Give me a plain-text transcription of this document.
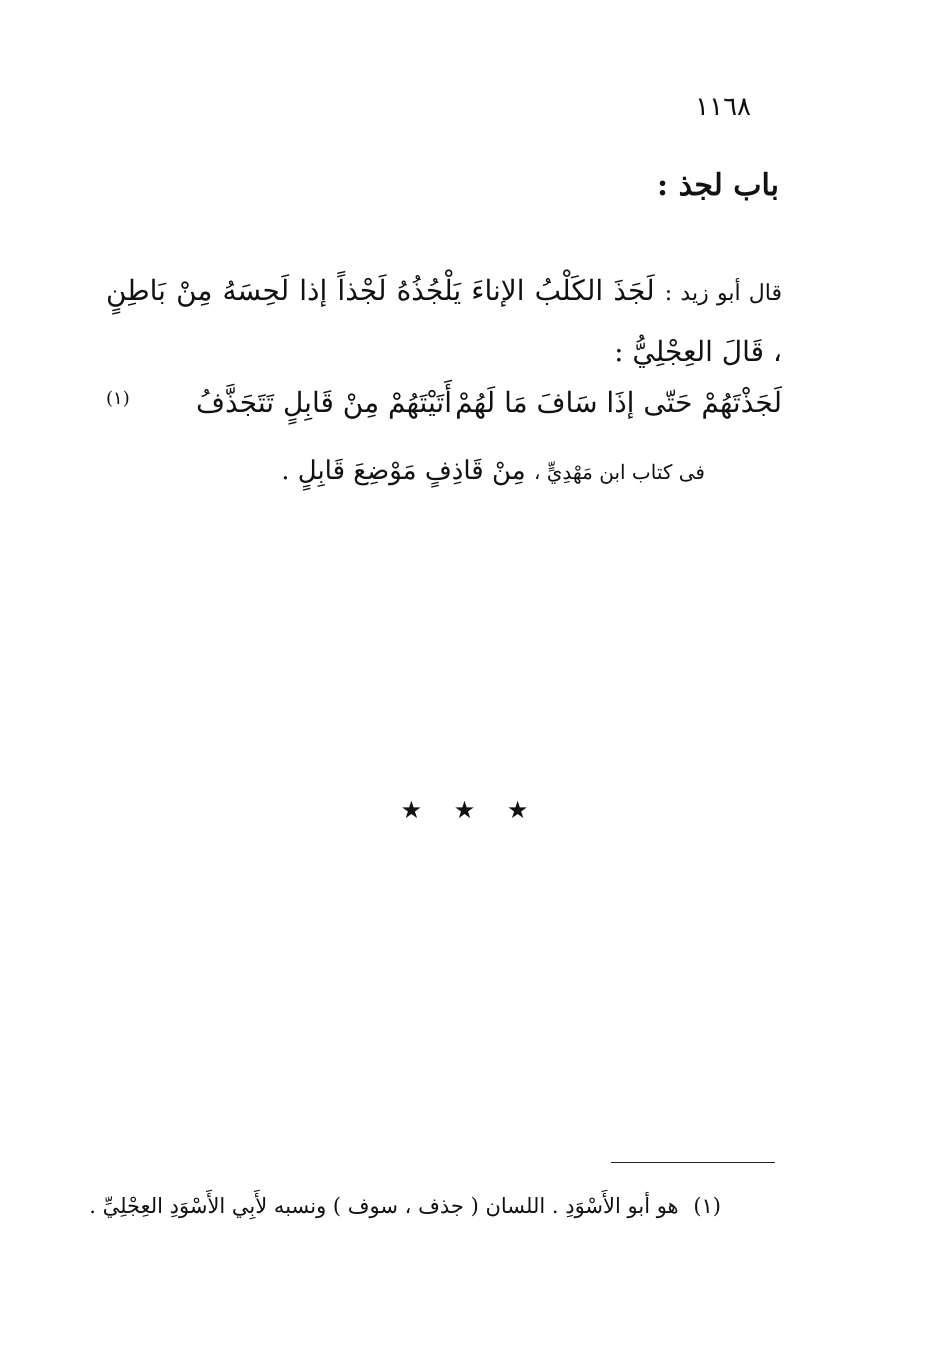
١١٦٨
باب لجذ :
قال أبو زيد : لَجَذَ الكَلْبُ الإناءَ يَلْجُذُهُ لَجْذاً إذا لَحِسَهُ مِنْ بَاطِنٍ ، قَالَ العِجْلِيُّ :
لَجَذْتَهُمْ حَتّى إذَا سَافَ مَا لَهُمْ
أَتَيْتَهُمْ مِنْ قَابِلٍ تَتَجَذَّفُ
(١)
فى كتاب ابن مَهْدِيٍّ ، مِنْ قَاذِفٍ مَوْضِعَ قَابِلٍ .
★ ★ ★
(١) هو أبو الأَسْوَدِ . اللسان ( جذف ، سوف ) ونسبه لأَبِي الأَسْوَدِ العِجْلِيِّ .
